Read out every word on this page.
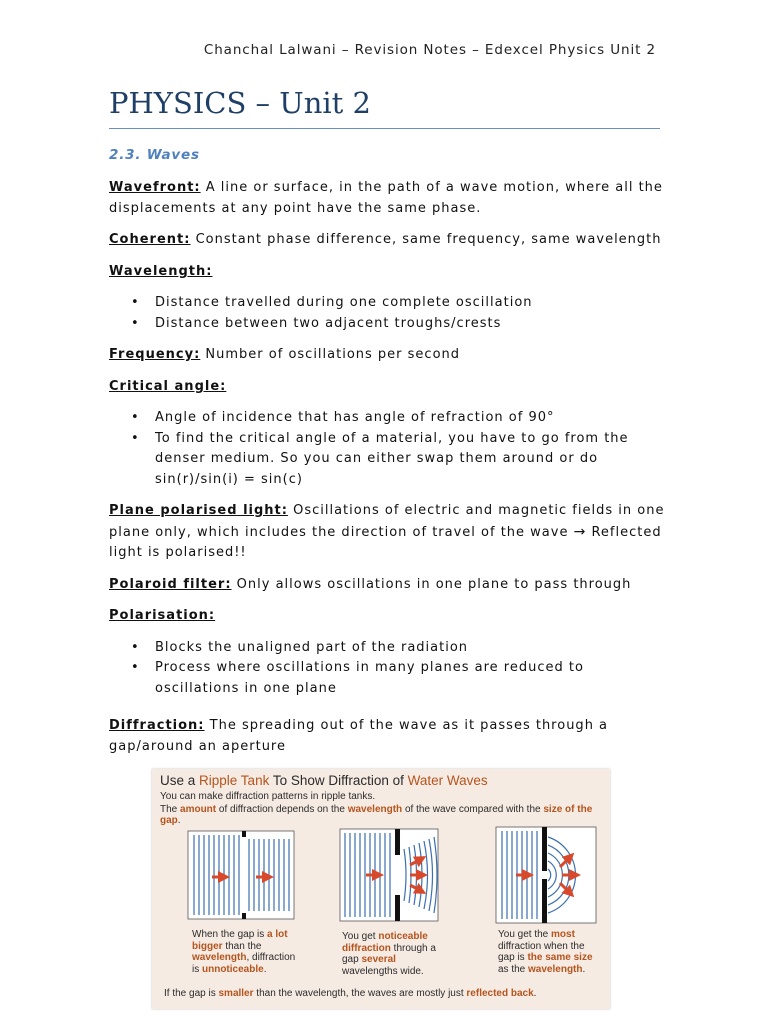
Chanchal Lalwani – Revision Notes – Edexcel Physics Unit 2
PHYSICS – Unit 2
2.3. Waves

Wavefront: A line or surface, in the path of a wave motion, where all the displacements at any point have the same phase.

Coherent: Constant phase difference, same frequency, same wavelength

Wavelength:

• Distance travelled during one complete oscillation
• Distance between two adjacent troughs/crests

Frequency: Number of oscillations per second

Critical angle:

• Angle of incidence that has angle of refraction of 90°
• To find the critical angle of a material, you have to go from the denser medium. So you can either swap them around or do sin(r)/sin(i) = sin(c)

Plane polarised light: Oscillations of electric and magnetic fields in one plane only, which includes the direction of travel of the wave → Reflected light is polarised!!

Polaroid filter: Only allows oscillations in one plane to pass through

Polarisation:

• Blocks the unaligned part of the radiation
• Process where oscillations in many planes are reduced to oscillations in one plane

Diffraction: The spreading out of the wave as it passes through a gap/around an aperture

Use a Ripple Tank To Show Diffraction of Water Waves
You can make diffraction patterns in ripple tanks.
The amount of diffraction depends on the wavelength of the wave compared with the size of the gap.
When the gap is a lot bigger than the wavelength, diffraction is unnoticeable.
You get noticeable diffraction through a gap several wavelengths wide.
You get the most diffraction when the gap is the same size as the wavelength.
If the gap is smaller than the wavelength, the waves are mostly just reflected back.
